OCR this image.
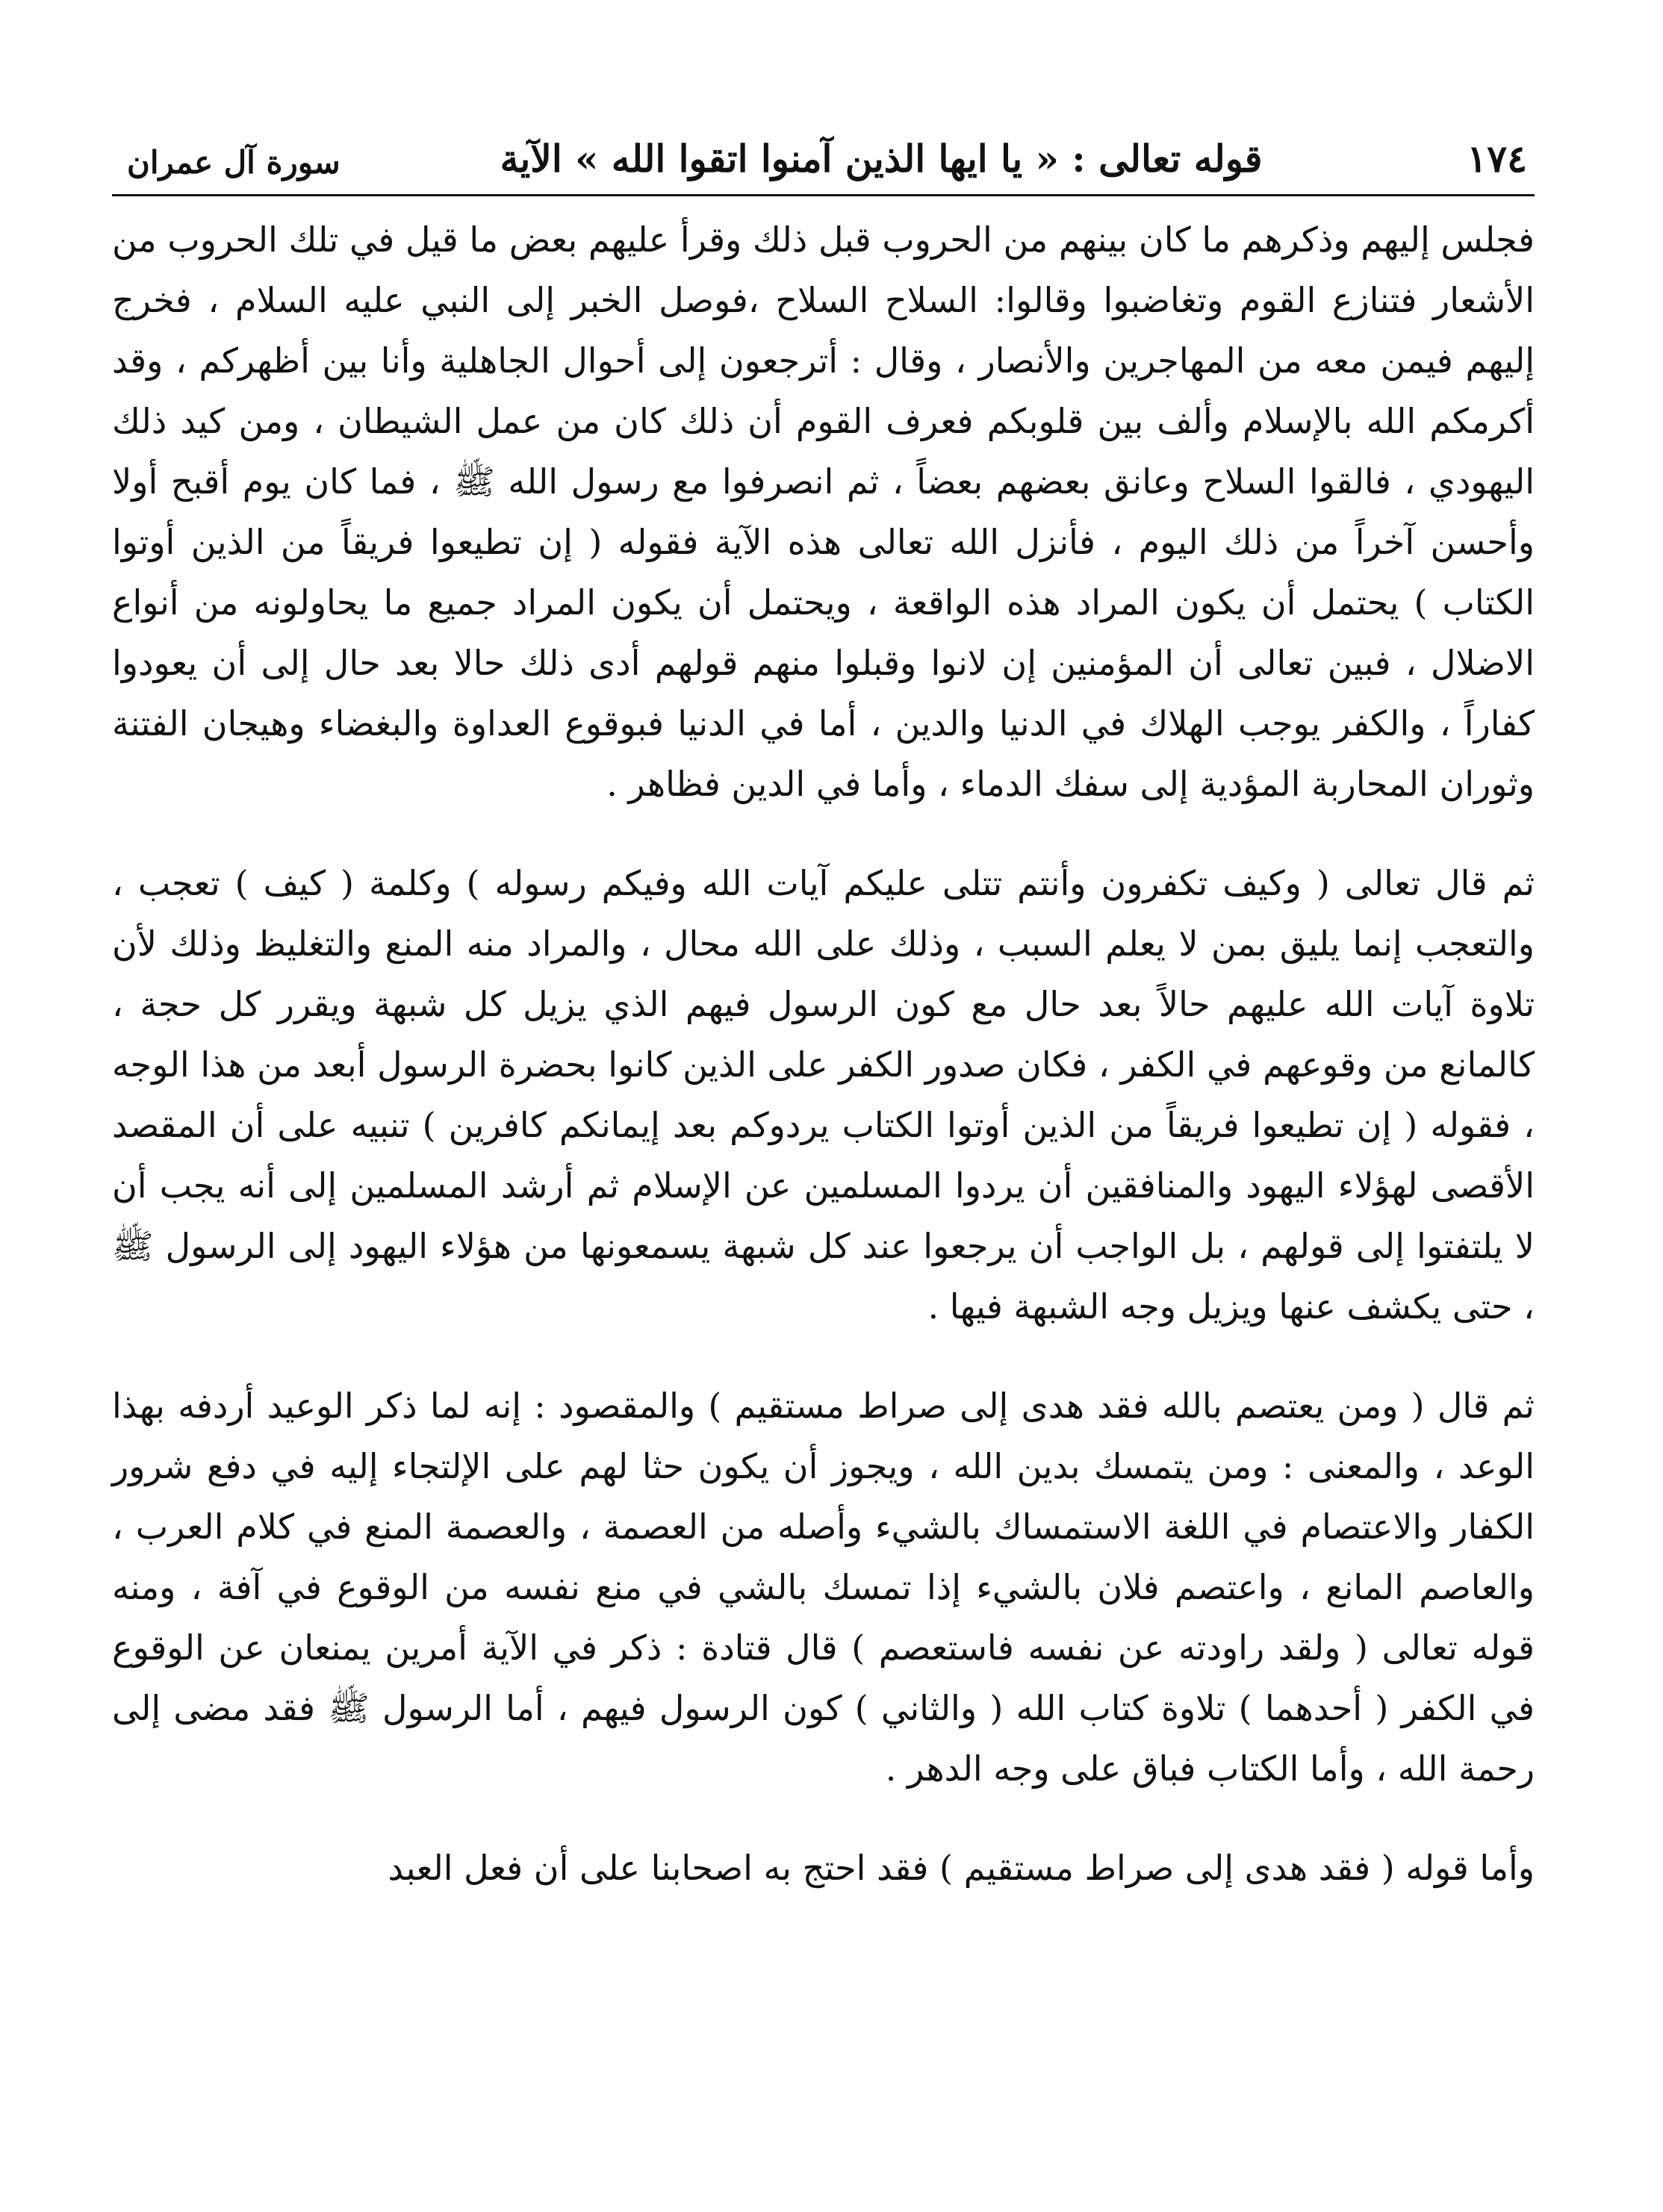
١٧٤
قوله تعالى : « يا ايها الذين آمنوا اتقوا الله » الآية
سورة آل عمران

فجلس إليهم وذكرهم ما كان بينهم من الحروب قبل ذلك وقرأ عليهم بعض ما قيل في تلك الحروب من الأشعار فتنازع القوم وتغاضبوا وقالوا: السلاح السلاح ،فوصل الخبر إلى النبي عليه السلام ، فخرج إليهم فيمن معه من المهاجرين والأنصار ، وقال : أترجعون إلى أحوال الجاهلية وأنا بين أظهركم ، وقد أكرمكم الله بالإسلام وألف بين قلوبكم فعرف القوم أن ذلك كان من عمل الشيطان ، ومن كيد ذلك اليهودي ، فالقوا السلاح وعانق بعضهم بعضاً ، ثم انصرفوا مع رسول الله ﷺ ، فما كان يوم أقبح أولا وأحسن آخراً من ذلك اليوم ، فأنزل الله تعالى هذه الآية فقوله ( إن تطيعوا فريقاً من الذين أوتوا الكتاب ) يحتمل أن يكون المراد هذه الواقعة ، ويحتمل أن يكون المراد جميع ما يحاولونه من أنواع الاضلال ، فبين تعالى أن المؤمنين إن لانوا وقبلوا منهم قولهم أدى ذلك حالا بعد حال إلى أن يعودوا كفاراً ، والكفر يوجب الهلاك في الدنيا والدين ، أما في الدنيا فبوقوع العداوة والبغضاء وهيجان الفتنة وثوران المحاربة المؤدية إلى سفك الدماء ، وأما في الدين فظاهر .

ثم قال تعالى ( وكيف تكفرون وأنتم تتلى عليكم آيات الله وفيكم رسوله ) وكلمة ( كيف ) تعجب ، والتعجب إنما يليق بمن لا يعلم السبب ، وذلك على الله محال ، والمراد منه المنع والتغليظ وذلك لأن تلاوة آيات الله عليهم حالاً بعد حال مع كون الرسول فيهم الذي يزيل كل شبهة ويقرر كل حجة ، كالمانع من وقوعهم في الكفر ، فكان صدور الكفر على الذين كانوا بحضرة الرسول أبعد من هذا الوجه ، فقوله ( إن تطيعوا فريقاً من الذين أوتوا الكتاب يردوكم بعد إيمانكم كافرين ) تنبيه على أن المقصد الأقصى لهؤلاء اليهود والمنافقين أن يردوا المسلمين عن الإسلام ثم أرشد المسلمين إلى أنه يجب أن لا يلتفتوا إلى قولهم ، بل الواجب أن يرجعوا عند كل شبهة يسمعونها من هؤلاء اليهود إلى الرسول ﷺ ، حتى يكشف عنها ويزيل وجه الشبهة فيها .

ثم قال ( ومن يعتصم بالله فقد هدى إلى صراط مستقيم ) والمقصود : إنه لما ذكر الوعيد أردفه بهذا الوعد ، والمعنى : ومن يتمسك بدين الله ، ويجوز أن يكون حثا لهم على الإلتجاء إليه في دفع شرور الكفار والاعتصام في اللغة الاستمساك بالشيء وأصله من العصمة ، والعصمة المنع في كلام العرب ، والعاصم المانع ، واعتصم فلان بالشيء إذا تمسك بالشي في منع نفسه من الوقوع في آفة ، ومنه قوله تعالى ( ولقد راودته عن نفسه فاستعصم ) قال قتادة : ذكر في الآية أمرين يمنعان عن الوقوع في الكفر ( أحدهما ) تلاوة كتاب الله ( والثاني ) كون الرسول فيهم ، أما الرسول ﷺ فقد مضى إلى رحمة الله ، وأما الكتاب فباق على وجه الدهر .

وأما قوله ( فقد هدى إلى صراط مستقيم ) فقد احتج به اصحابنا على أن فعل العبد
